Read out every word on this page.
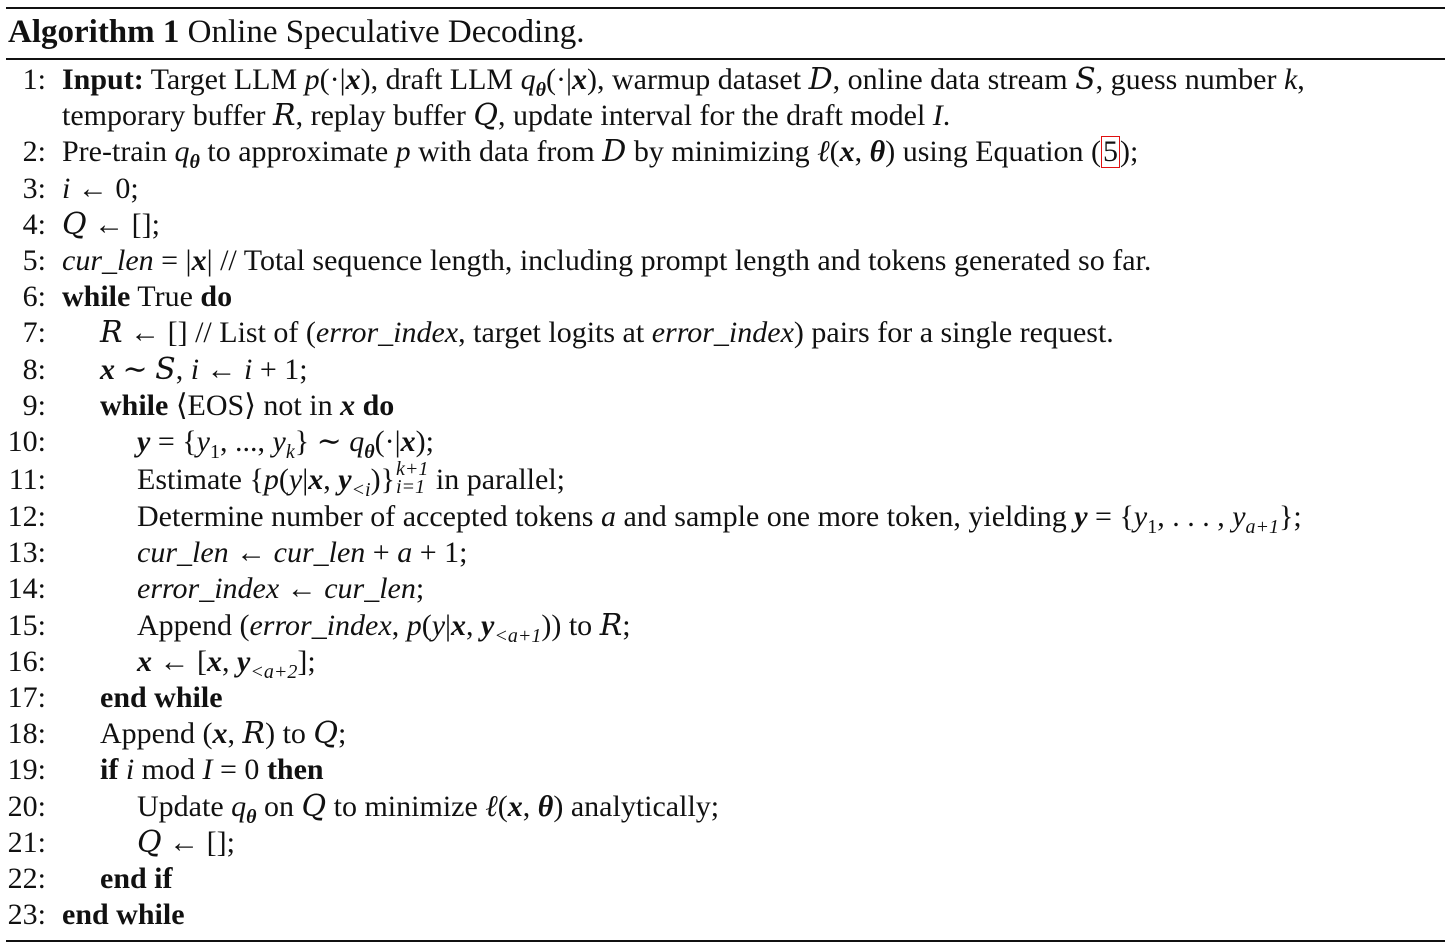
Algorithm 1 Online Speculative Decoding.
1: Input: Target LLM p(·|x), draft LLM $q_\theta(\cdot|x)$, warmup dataset D, online data stream S, guess number k,
temporary buffer R, replay buffer Q, update interval for the draft model I.
2: Pre-train $q_\theta$ to approximate p with data from D by minimizing ℓ(x, θ) using Equation (5);
3: i ← 0;
4: Q ← [];
5: cur_len = |x| // Total sequence length, including prompt length and tokens generated so far.
6: while True do
7: R ← [] // List of (error_index, target logits at error_index) pairs for a single request.
8: x ∼ S, i ← i + 1;
9: while ⟨EOS⟩ not in x do
10:	$y = \{y_1$, ..., $y_k$} ∼ $q_\theta(\cdot|x)$;
11:	Estimate {p(y|x, $y_{<i})\}k+1$
i=1 in parallel;
12:	Determine number of accepted tokens a and sample one more token, yielding $y = \{y_1$, . . . , $y_{a+1}$};
13:	cur_len ← cur_len + a + 1;
14:	error_index ← cur_len;
15:	Append (error_index, p(y|x, $y_{<a+1}$)) to R;
16:	x ← [x, $y_{<a+2}$];
17: end while
18: Append (x, R) to Q;
19: if i mod I = 0 then
20:	Update $q_\theta$ on Q to minimize ℓ(x, θ) analytically;
21:	Q ← [];
22: end if
23: end while
